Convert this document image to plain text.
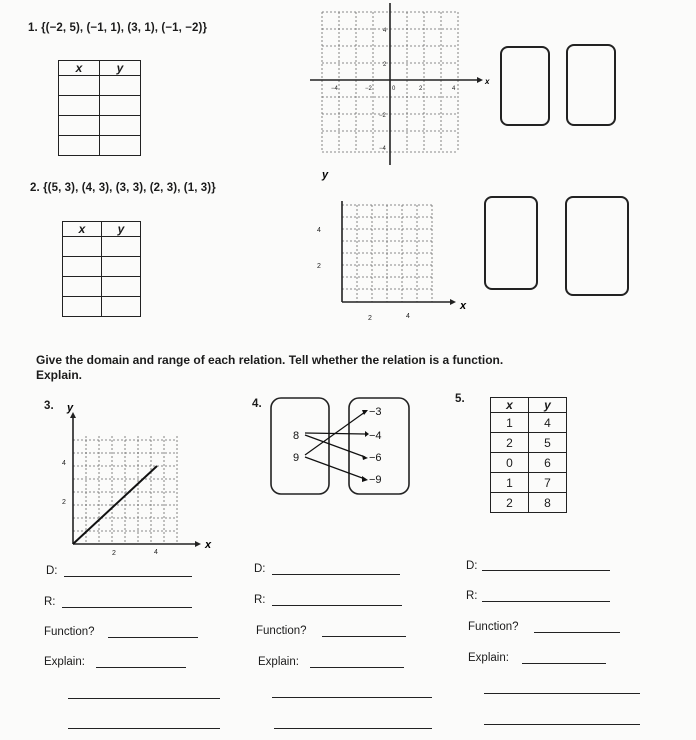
1. {(−2, 5), (−1, 1), (3, 1), (−1, −2)}
x	y

x
−4	−2	0	2	4
4
2
−2
−4
2. {(5, 3), (4, 3), (3, 3), (2, 3), (1, 3)}
x	y

y
x
4
2
2	4
Give the domain and range of each relation. Tell whether the relation is a function. Explain.
3. y
x
4
2
2	4
4.
8
9
−3
−4
−6
−9
5.	x	y
1	4
2	5
0	6
1	7
2	8
D:
R:
Function?
Explain:
D:
R:
Function?
Explain:
D:
R:
Function?
Explain:
